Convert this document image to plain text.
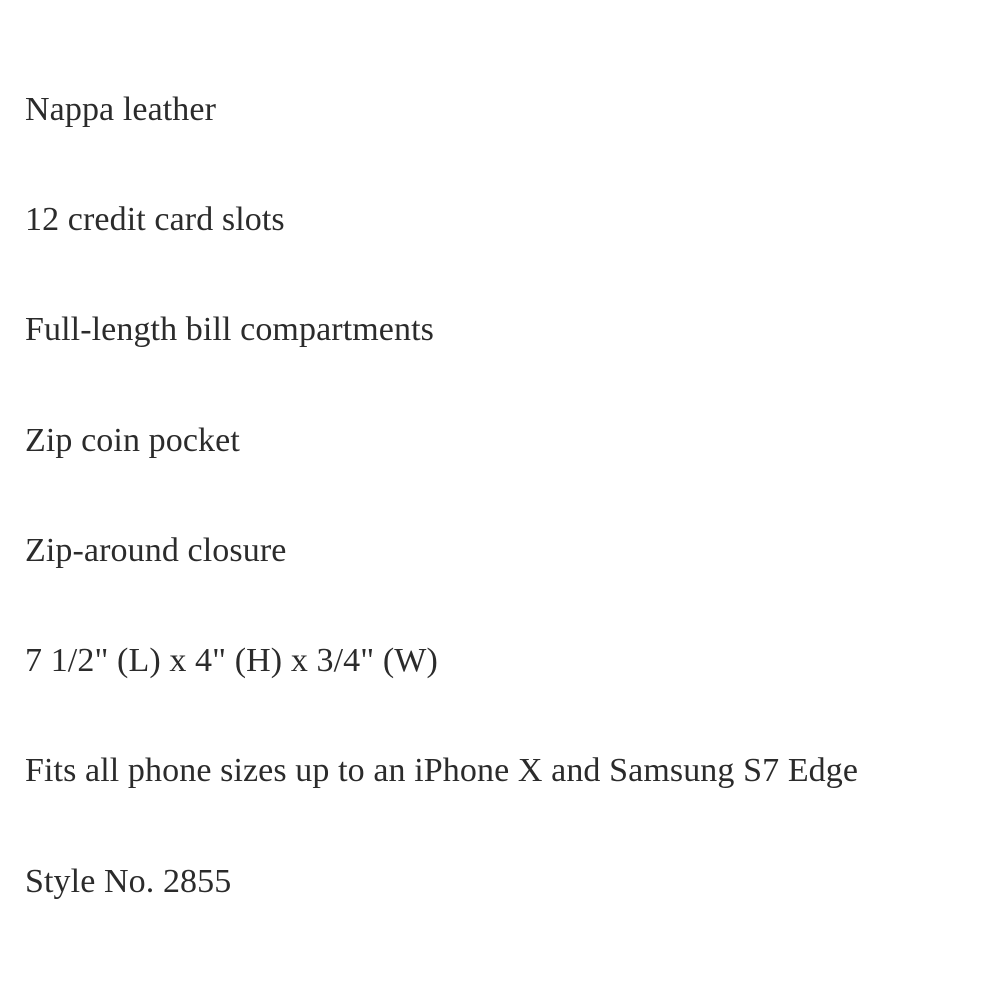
Nappa leather
12 credit card slots
Full-length bill compartments
Zip coin pocket
Zip-around closure
7 1/2" (L) x 4" (H) x 3/4" (W)
Fits all phone sizes up to an iPhone X and Samsung S7 Edge
Style No. 2855
